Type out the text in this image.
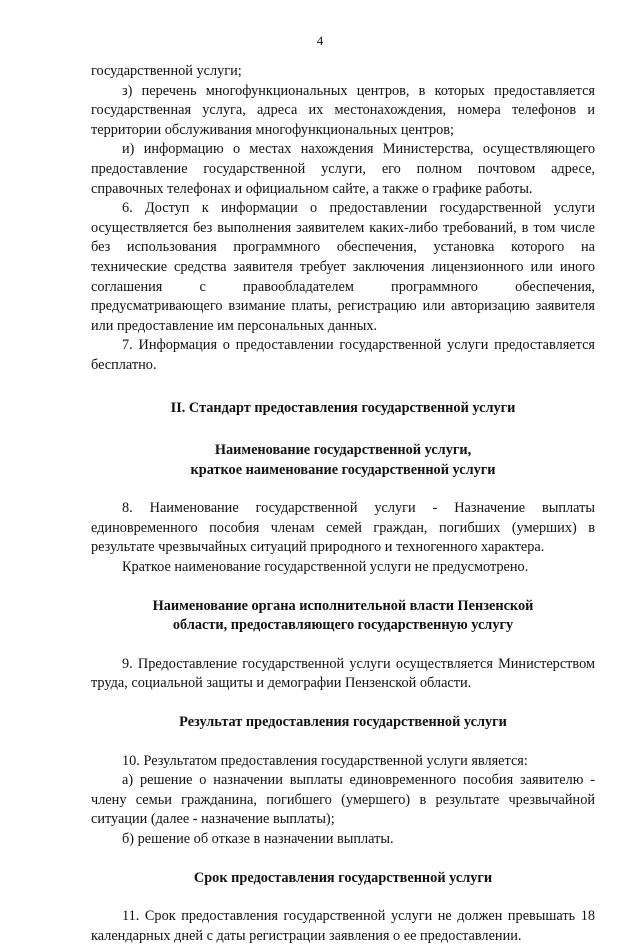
4

государственной услуги;

з) перечень многофункциональных центров, в которых предоставляется государственная услуга, адреса их местонахождения, номера телефонов и территории обслуживания многофункциональных центров;

и) информацию о местах нахождения Министерства, осуществляющего предоставление государственной услуги, его полном почтовом адресе, справочных телефонах и официальном сайте, а также о графике работы.

6. Доступ к информации о предоставлении государственной услуги осуществляется без выполнения заявителем каких-либо требований, в том числе без использования программного обеспечения, установка которого на технические средства заявителя требует заключения лицензионного или иного соглашения с правообладателем программного обеспечения, предусматривающего взимание платы, регистрацию или авторизацию заявителя или предоставление им персональных данных.

7. Информация о предоставлении государственной услуги предоставляется бесплатно.

II. Стандарт предоставления государственной услуги
Наименование государственной услуги,
краткое наименование государственной услуги

8. Наименование государственной услуги - Назначение выплаты единовременного пособия членам семей граждан, погибших (умерших) в результате чрезвычайных ситуаций природного и техногенного характера.

Краткое наименование государственной услуги не предусмотрено.

Наименование органа исполнительной власти Пензенской
области, предоставляющего государственную услугу

9. Предоставление государственной услуги осуществляется Министерством труда, социальной защиты и демографии Пензенской области.

Результат предоставления государственной услуги

10. Результатом предоставления государственной услуги является:

а) решение о назначении выплаты единовременного пособия заявителю - члену семьи гражданина, погибшего (умершего) в результате чрезвычайной ситуации (далее - назначение выплаты);

б) решение об отказе в назначении выплаты.

Срок предоставления государственной услуги

11. Срок предоставления государственной услуги не должен превышать 18 календарных дней с даты регистрации заявления о ее предоставлении.
